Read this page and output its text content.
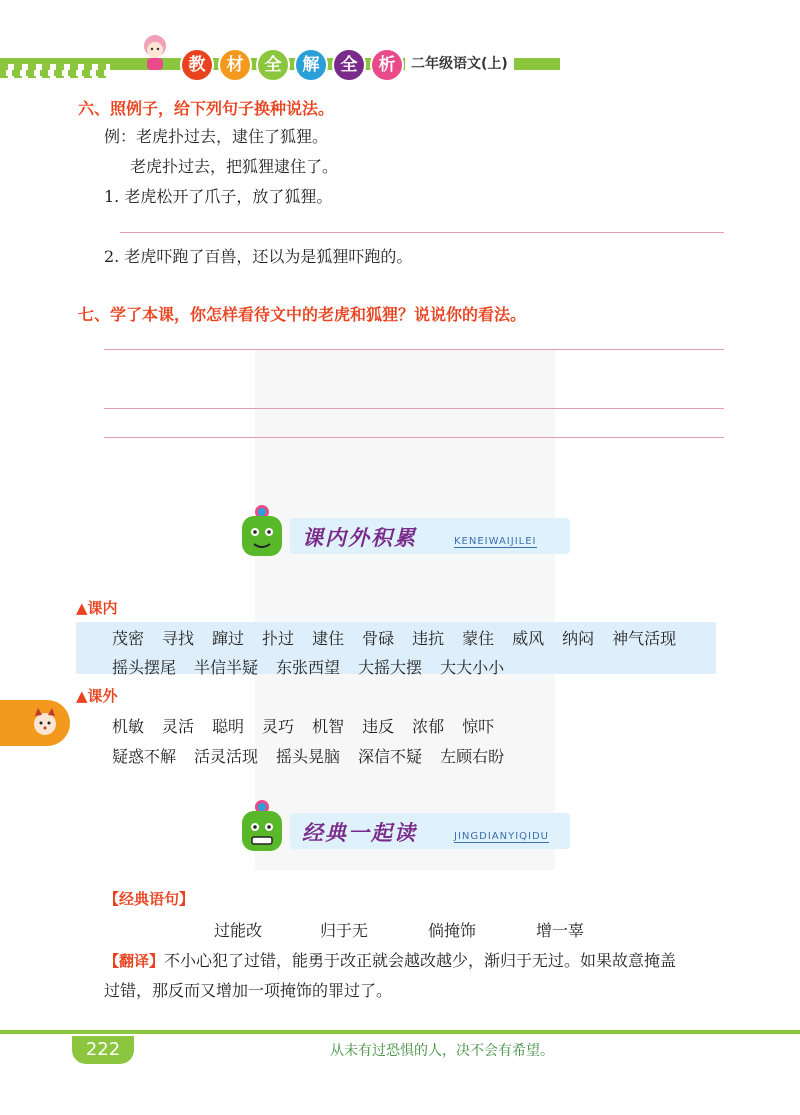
教	材	全	解	全	析	二年级语文(上)
六、照例子，给下列句子换种说法。
例：老虎扑过去，逮住了狐狸。
老虎扑过去，把狐狸逮住了。
1. 老虎松开了爪子，放了狐狸。
2. 老虎吓跑了百兽，还以为是狐狸吓跑的。
七、学了本课，你怎样看待文中的老虎和狐狸？说说你的看法。
课内外积累	KENEIWAIJILEI
▲课内
茂密 寻找 蹿过 扑过 逮住 骨碌 违抗 蒙住 威风 纳闷 神气活现
摇头摆尾 半信半疑 东张西望 大摇大摆 大大小小
▲课外
机敏 灵活 聪明 灵巧 机智 违反 浓郁 惊吓
疑惑不解 活灵活现 摇头晃脑 深信不疑 左顾右盼
经典一起读	JINGDIANYIQIDU
【经典语句】
过能改	归于无	倘掩饰	增一辜
【翻译】不小心犯了过错，能勇于改正就会越改越少，渐归于无过。如果故意掩盖
过错，那反而又增加一项掩饰的罪过了。
222	从未有过恐惧的人，决不会有希望。
